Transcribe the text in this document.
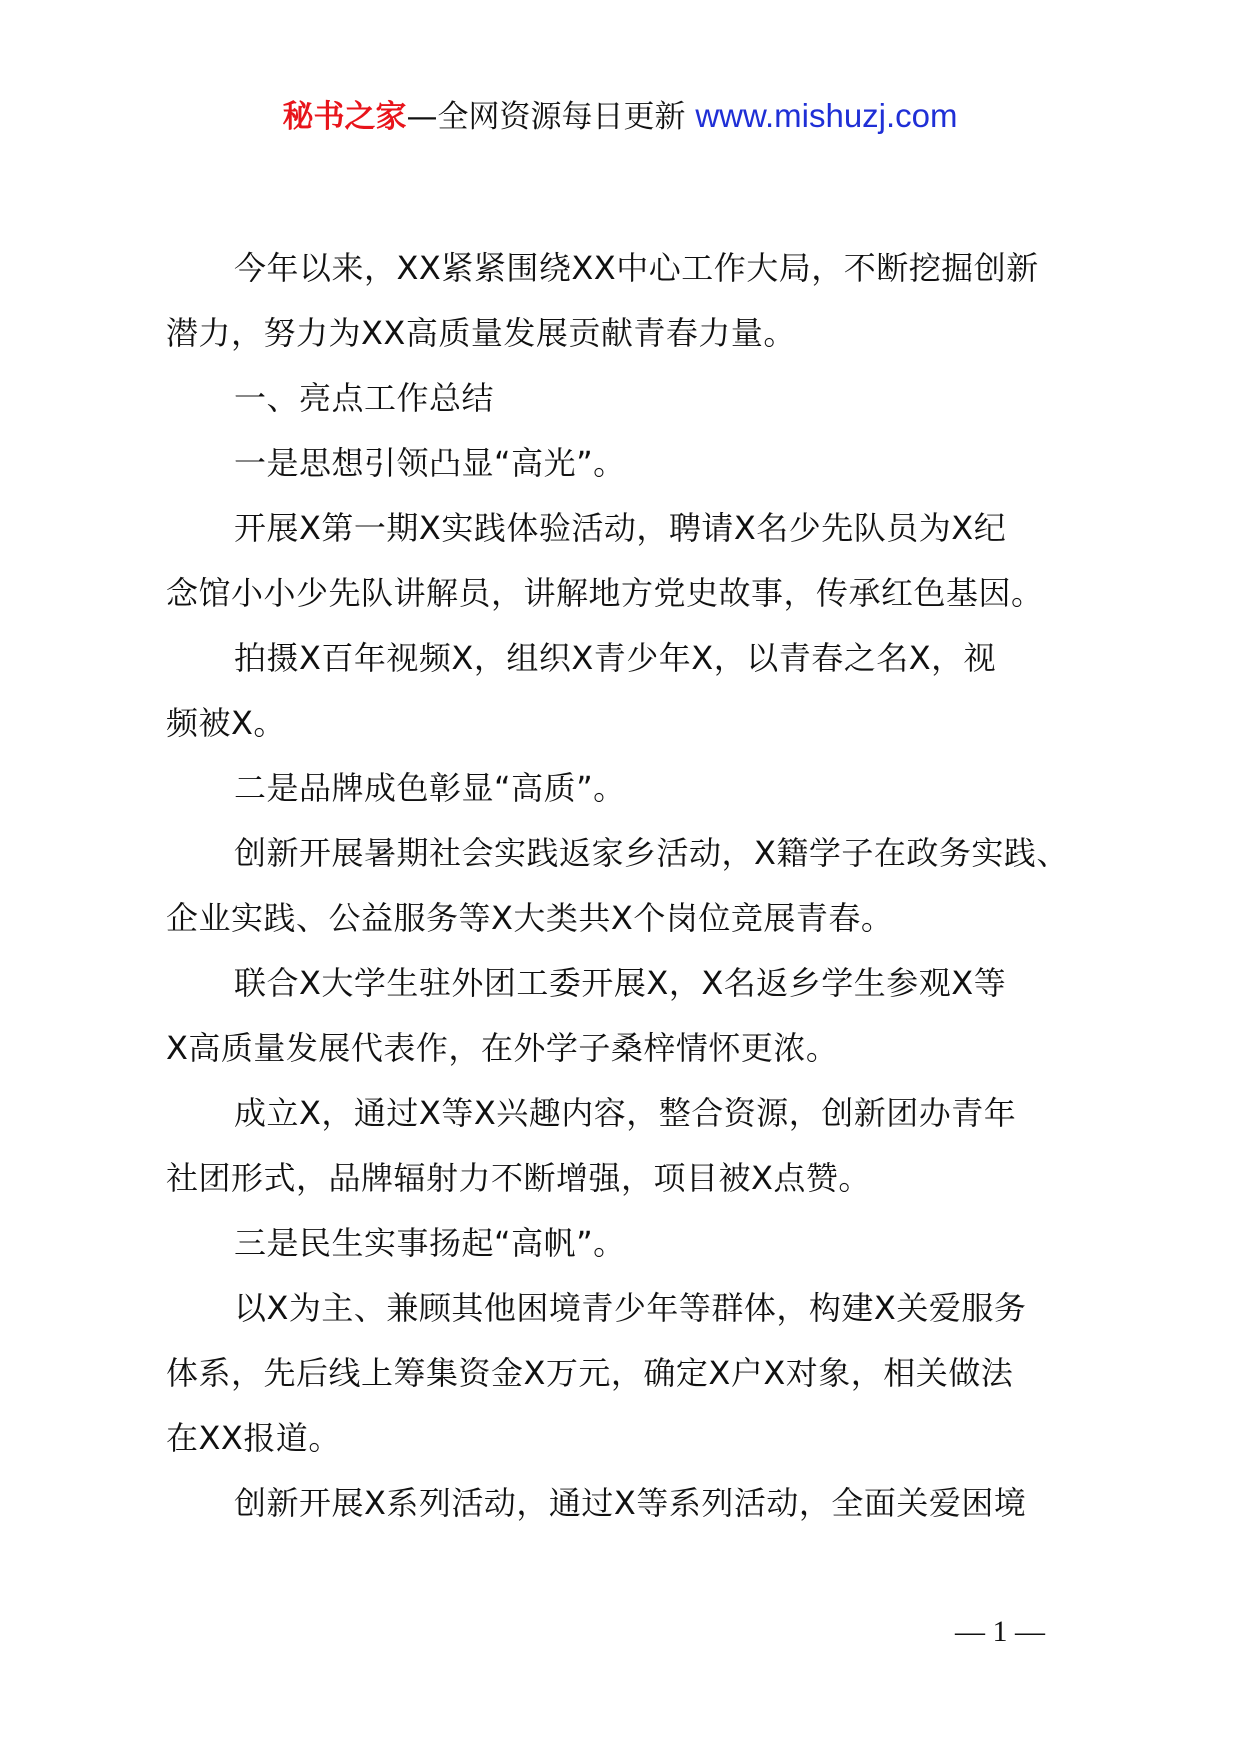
秘书之家—全网资源每日更新 www.mishuzj.com

今年以来，XX紧紧围绕XX中心工作大局，不断挖掘创新

潜力，努力为XX高质量发展贡献青春力量。

一、亮点工作总结

一是思想引领凸显“高光”。

开展X第一期X实践体验活动，聘请X名少先队员为X纪

念馆小小少先队讲解员，讲解地方党史故事，传承红色基因。

拍摄X百年视频X，组织X青少年X，以青春之名X，视

频被X。

二是品牌成色彰显“高质”。

创新开展暑期社会实践返家乡活动，X籍学子在政务实践、

企业实践、公益服务等X大类共X个岗位竞展青春。

联合X大学生驻外团工委开展X，X名返乡学生参观X等

X高质量发展代表作，在外学子桑梓情怀更浓。

成立X，通过X等X兴趣内容，整合资源，创新团办青年

社团形式，品牌辐射力不断增强，项目被X点赞。

三是民生实事扬起“高帆”。

以X为主、兼顾其他困境青少年等群体，构建X关爱服务

体系，先后线上筹集资金X万元，确定X户X对象，相关做法

在XX报道。

创新开展X系列活动，通过X等系列活动，全面关爱困境

— 1 —
